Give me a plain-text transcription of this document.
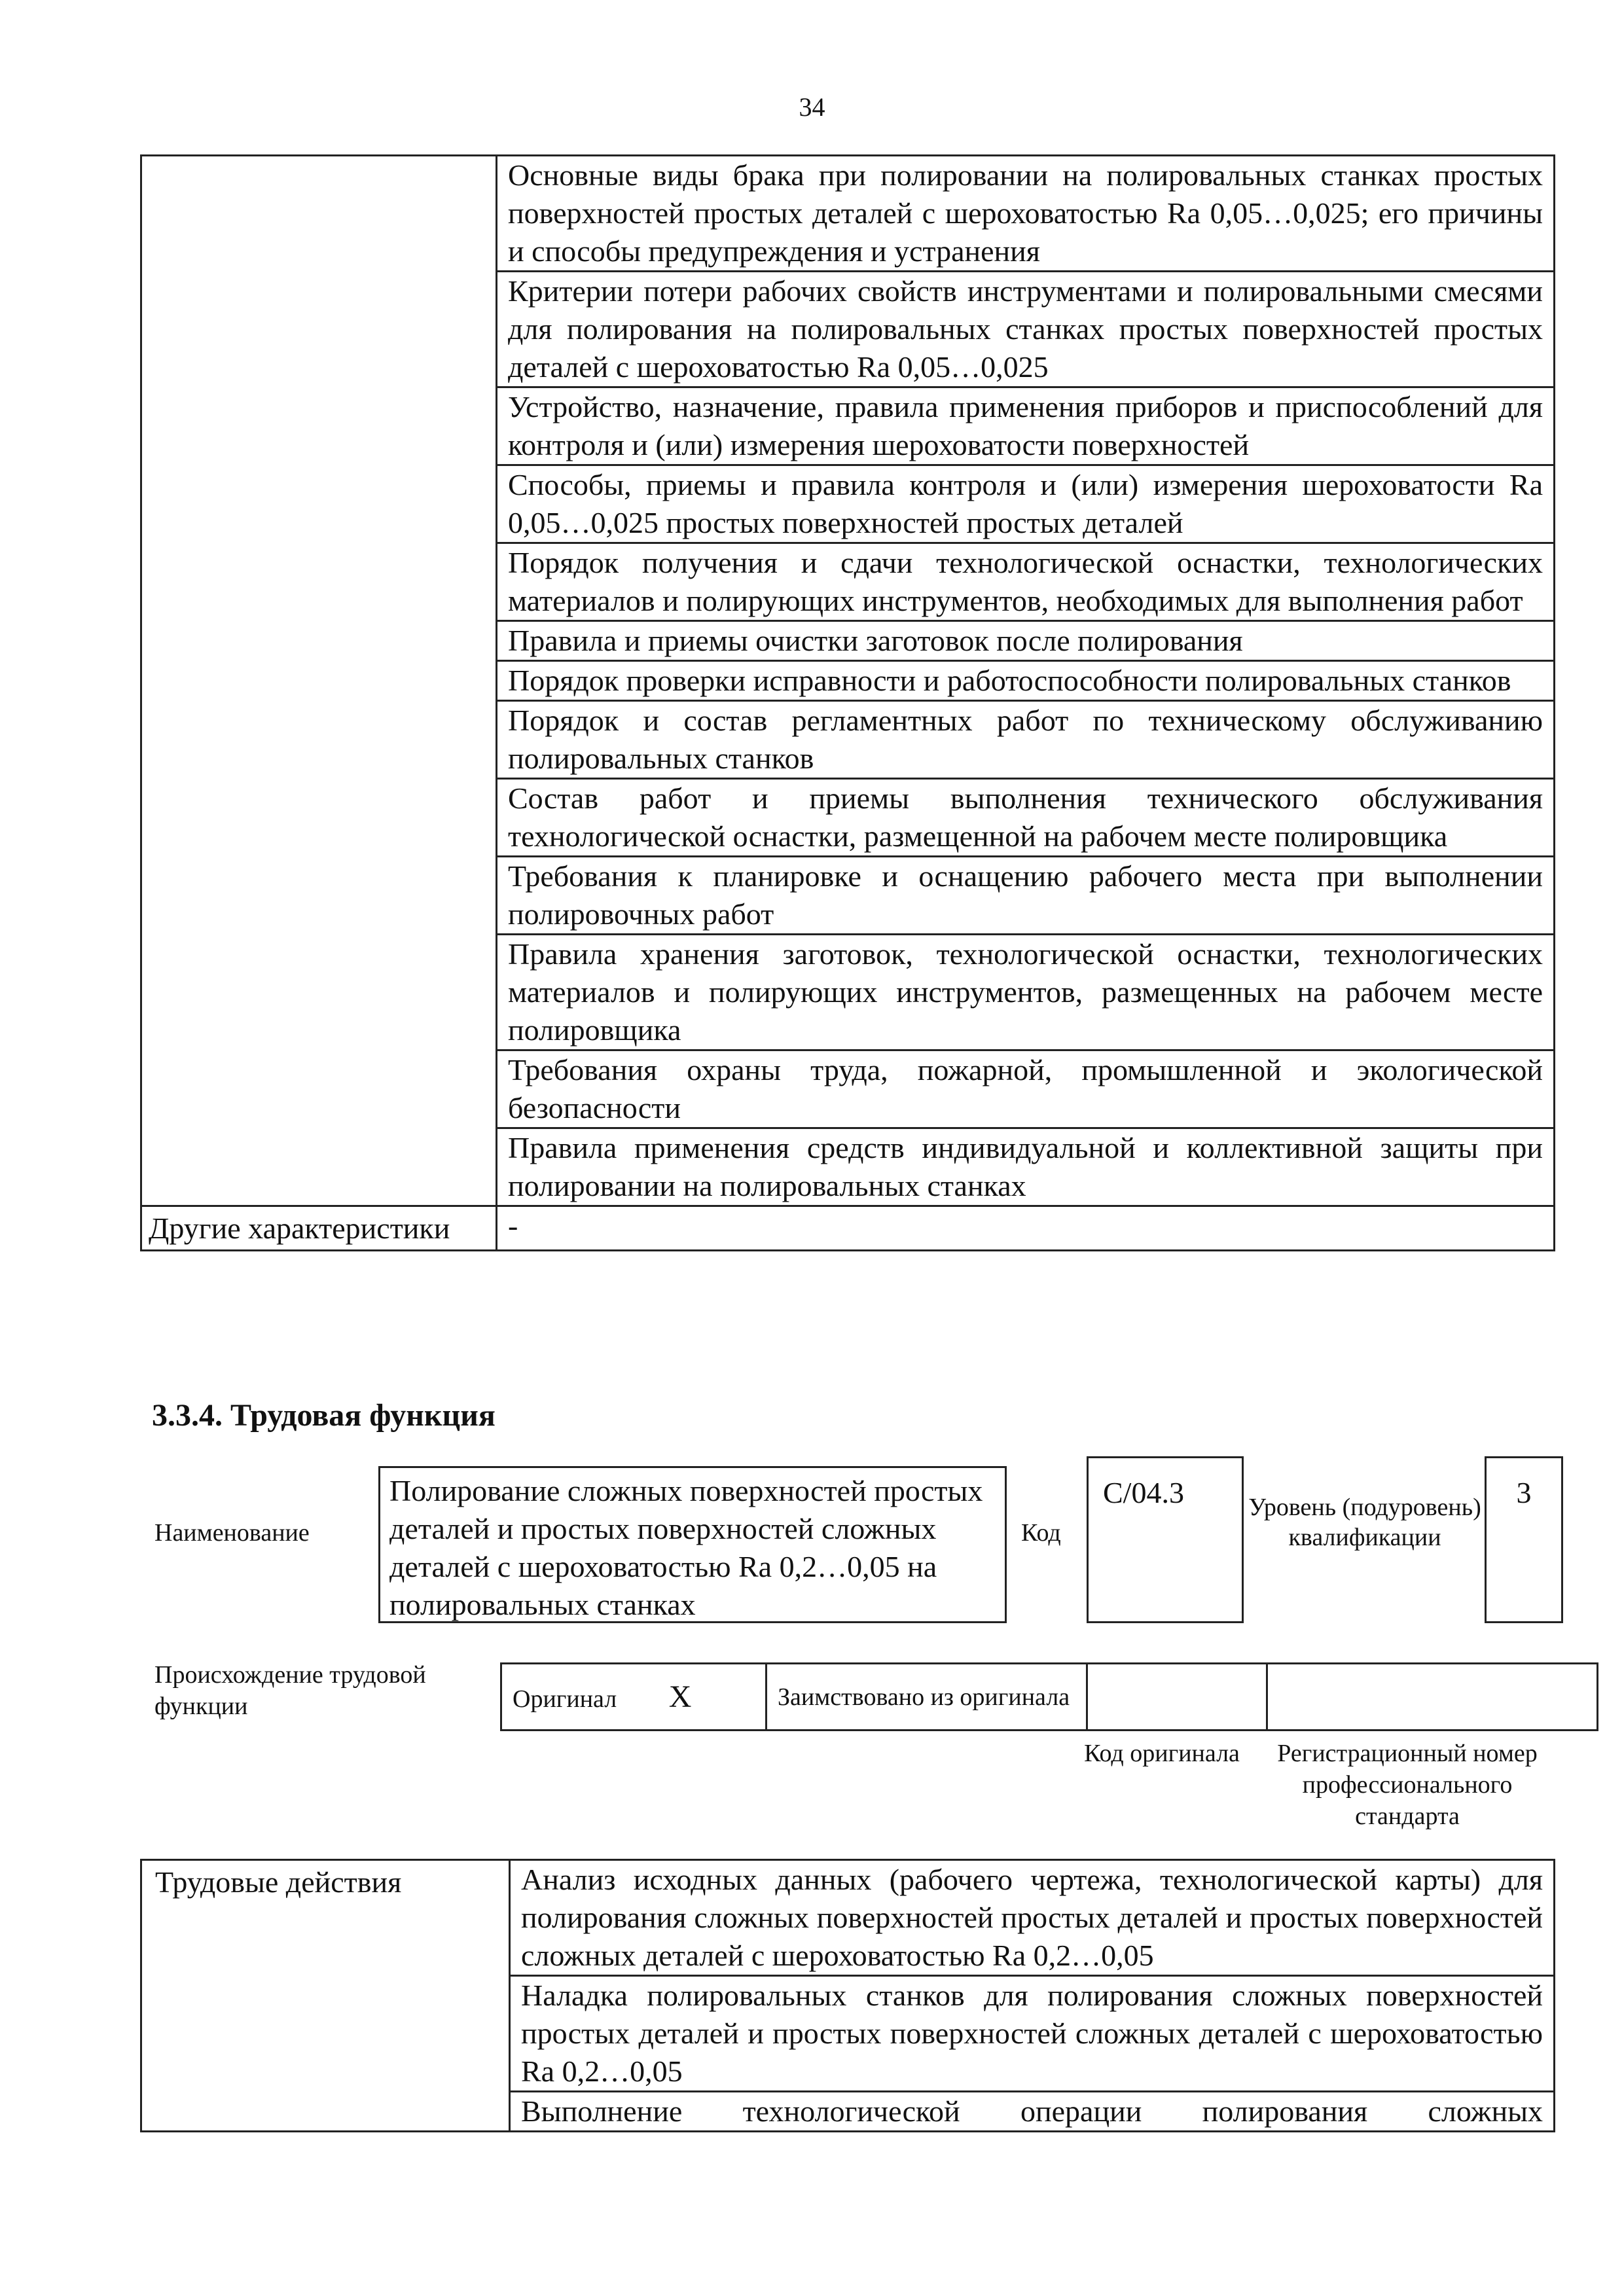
34
	Основные виды брака при полировании на полировальных станках простых поверхностей простых деталей с шероховатостью Ra 0,05…0,025; его причины и способы предупреждения и устранения
	Критерии потери рабочих свойств инструментами и полировальными смесями для полирования на полировальных станках простых поверхностей простых деталей с шероховатостью Ra 0,05…0,025
	Устройство, назначение, правила применения приборов и приспособлений для контроля и (или) измерения шероховатости поверхностей
	Способы, приемы и правила контроля и (или) измерения шероховатости Ra 0,05…0,025 простых поверхностей простых деталей
	Порядок получения и сдачи технологической оснастки, технологических материалов и полирующих инструментов, необходимых для выполнения работ
	Правила и приемы очистки заготовок после полирования
	Порядок проверки исправности и работоспособности полировальных станков
	Порядок и состав регламентных работ по техническому обслуживанию полировальных станков
	Состав работ и приемы выполнения технического обслуживания технологической оснастки, размещенной на рабочем месте полировщика
	Требования к планировке и оснащению рабочего места при выполнении полировочных работ
	Правила хранения заготовок, технологической оснастки, технологических материалов и полирующих инструментов, размещенных на рабочем месте полировщика
	Требования охраны труда, пожарной, промышленной и экологической безопасности
	Правила применения средств индивидуальной и коллективной защиты при полировании на полировальных станках
Другие характеристики	-
3.3.4. Трудовая функция
Наименование
Полирование сложных поверхностей простых деталей и простых поверхностей сложных деталей с шероховатостью Ra 0,2…0,05 на полировальных станках
Код
C/04.3	Уровень (подуровень) квалификации
3
Происхождение трудовой функции	Оригинал X	Заимствовано из оригинала		
Код оригинала	Регистрационный номер профессионального стандарта
Трудовые действия	Анализ исходных данных (рабочего чертежа, технологической карты) для полирования сложных поверхностей простых деталей и простых поверхностей сложных деталей с шероховатостью Ra 0,2…0,05
Наладка полировальных станков для полирования сложных поверхностей простых деталей и простых поверхностей сложных деталей с шероховатостью Ra 0,2…0,05
Выполнение технологической операции полирования сложных
